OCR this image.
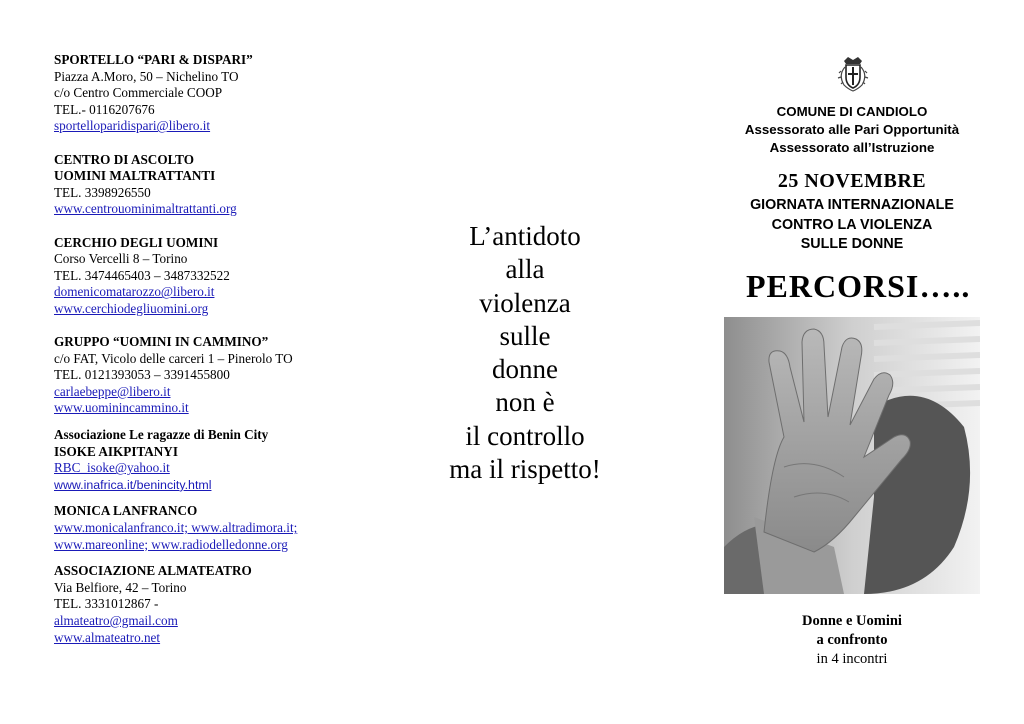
SPORTELLO “PARI & DISPARI”
Piazza A.Moro, 50 – Nichelino TO
c/o Centro Commerciale COOP
TEL.- 0116207676
sportelloparidispari@libero.it
CENTRO DI ASCOLTO
UOMINI MALTRATTANTI
TEL. 3398926550
www.centrouominimaltrattanti.org
CERCHIO DEGLI UOMINI
Corso Vercelli 8 – Torino
TEL. 3474465403 – 3487332522
domenicomatarozzo@libero.it
www.cerchiodegliuomini.org
GRUPPO “UOMINI IN CAMMINO”
c/o FAT, Vicolo delle carceri 1 – Pinerolo TO
TEL. 0121393053 – 3391455800
carlaebeppe@libero.it
www.uominincammino.it
Associazione Le ragazze di Benin City
ISOKE AIKPITANYI
RBC_isoke@yahoo.it
www.inafrica.it/benincity.html
MONICA LANFRANCO
www.monicalanfranco.it; www.altradimora.it;
www.mareonline; www.radiodelledonne.org
ASSOCIAZIONE ALMATEATRO
Via Belfiore, 42 – Torino
TEL. 3331012867 -
almateatro@gmail.com
www.almateatro.net
L’antidoto
alla
violenza
sulle
donne
non è
il controllo
ma il rispetto!
COMUNE DI CANDIOLO
Assessorato alle Pari Opportunità
Assessorato all’Istruzione
25 NOVEMBRE
GIORNATA INTERNAZIONALE
CONTRO LA VIOLENZA
SULLE DONNE
PERCORSI…..
Donne e Uomini
a confronto
in 4 incontri
